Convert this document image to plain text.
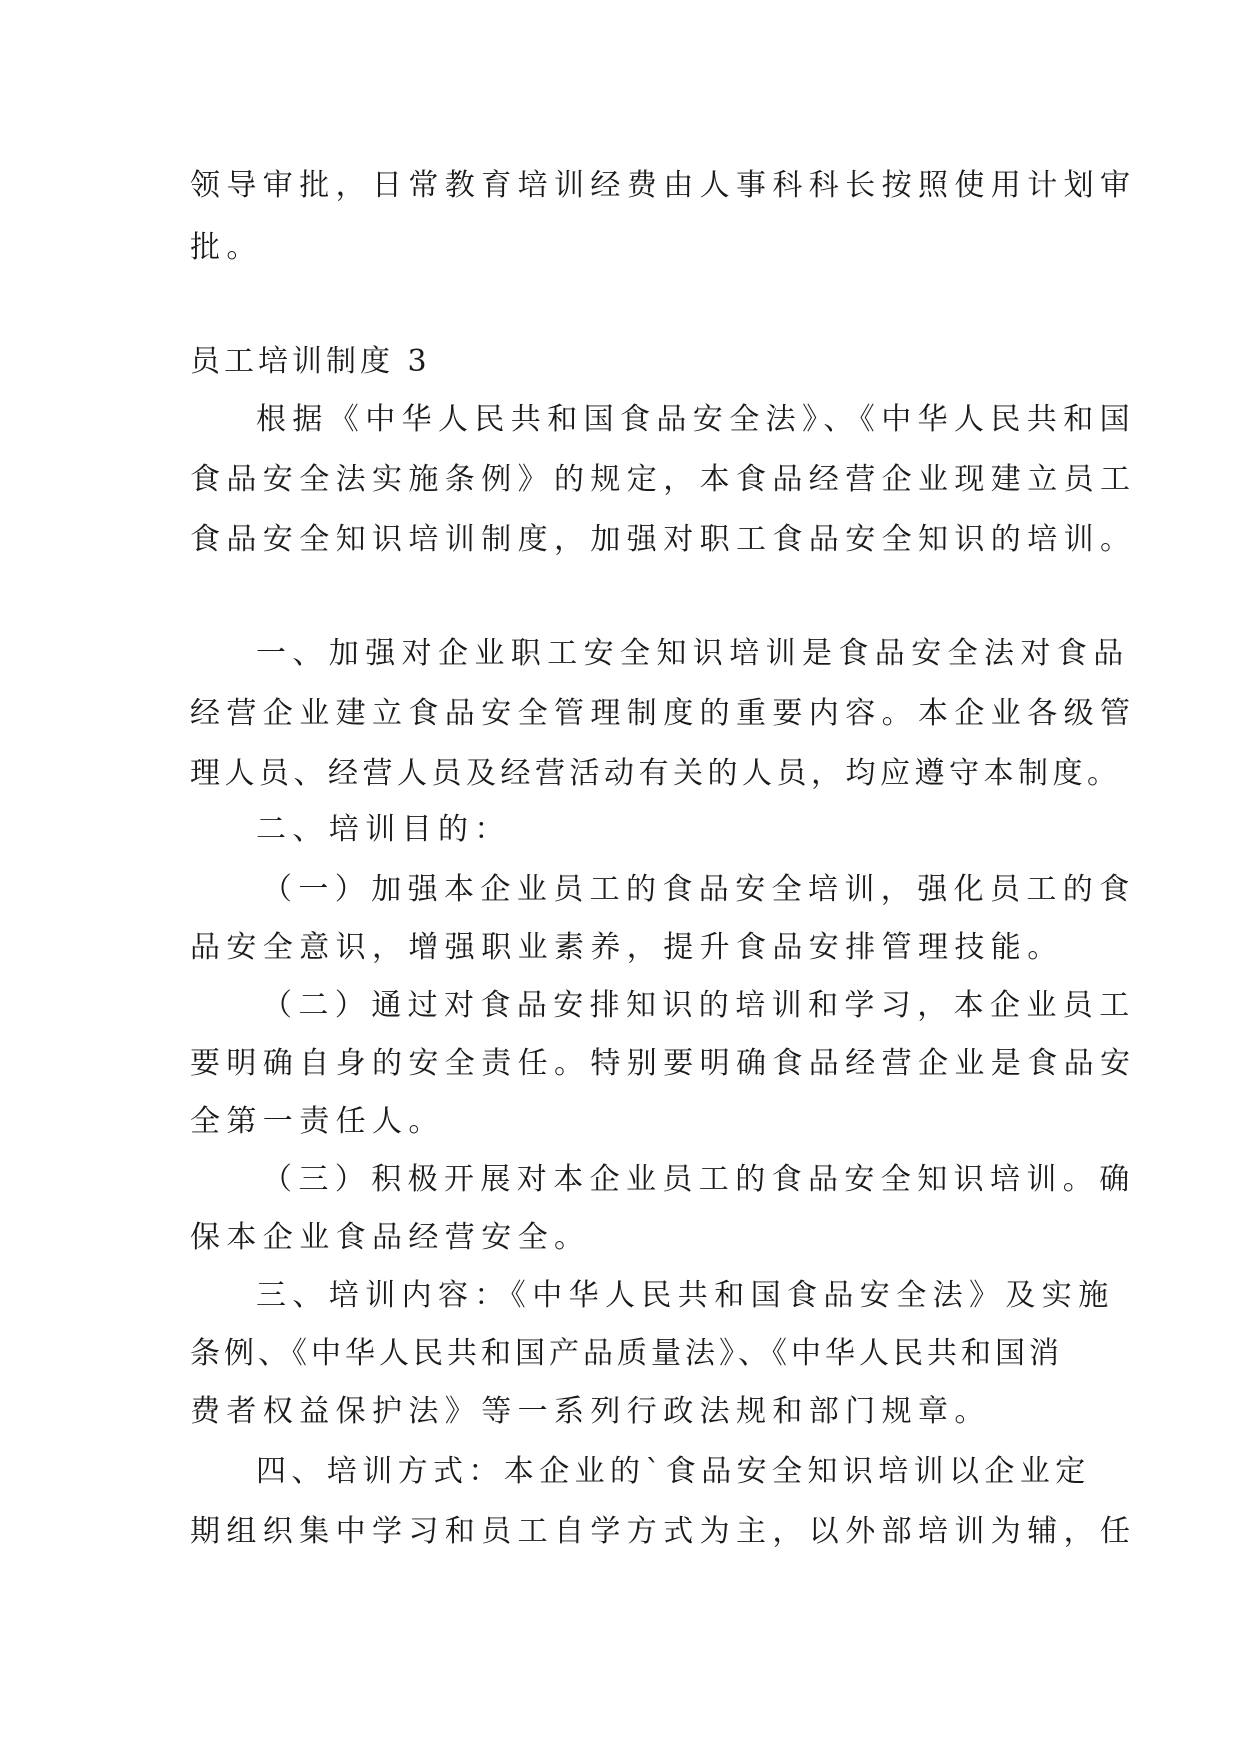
领导审批，日常教育培训经费由人事科科长按照使用计划审

批。

员工培训制度 3

根据《中华人民共和国食品安全法》、《中华人民共和国

食品安全法实施条例》的规定，本食品经营企业现建立员工

食品安全知识培训制度，加强对职工食品安全知识的培训。

一、加强对企业职工安全知识培训是食品安全法对食品

经营企业建立食品安全管理制度的重要内容。本企业各级管

理人员、经营人员及经营活动有关的人员，均应遵守本制度。

二、培训目的：

（一）加强本企业员工的食品安全培训，强化员工的食

品安全意识，增强职业素养，提升食品安排管理技能。

（二）通过对食品安排知识的培训和学习，本企业员工

要明确自身的安全责任。特别要明确食品经营企业是食品安

全第一责任人。

（三）积极开展对本企业员工的食品安全知识培训。确

保本企业食品经营安全。

三、培训内容：《中华人民共和国食品安全法》及实施

条例、《中华人民共和国产品质量法》、《中华人民共和国消

费者权益保护法》等一系列行政法规和部门规章。

四、培训方式：本企业的`食品安全知识培训以企业定

期组织集中学习和员工自学方式为主，以外部培训为辅，任
